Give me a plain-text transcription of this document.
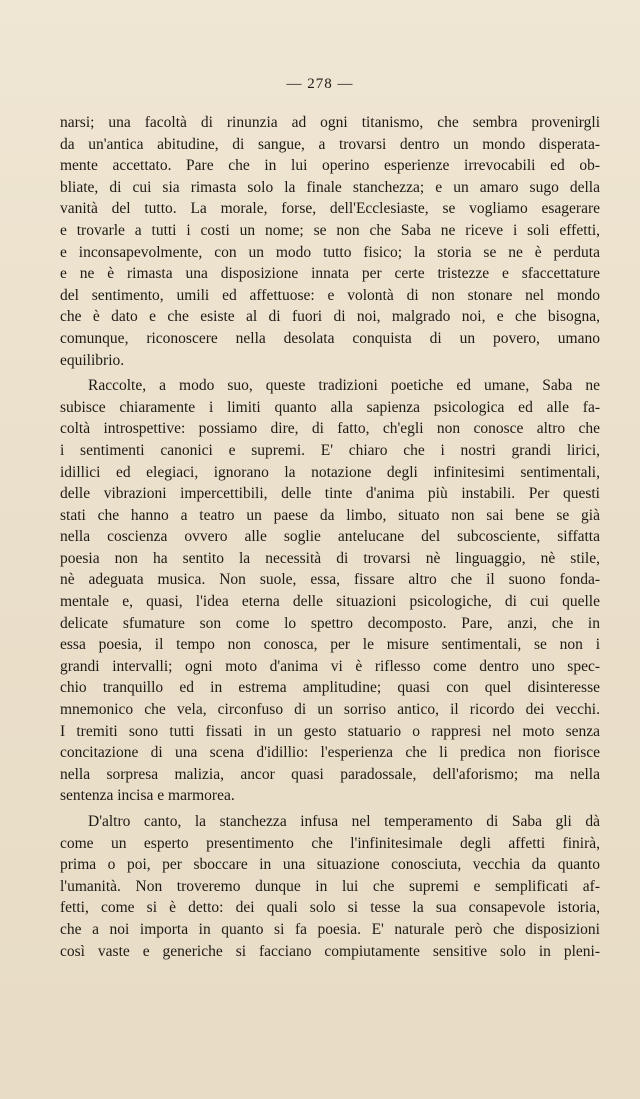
— 278 —
narsi; una facoltà di rinunzia ad ogni titanismo, che sembra provenirgli
da un'antica abitudine, di sangue, a trovarsi dentro un mondo disperata-
mente accettato. Pare che in lui operino esperienze irrevocabili ed ob-
bliate, di cui sia rimasta solo la finale stanchezza; e un amaro sugo della
vanità del tutto. La morale, forse, dell'Ecclesiaste, se vogliamo esagerare
e trovarle a tutti i costi un nome; se non che Saba ne riceve i soli effetti,
e inconsapevolmente, con un modo tutto fisico; la storia se ne è perduta
e ne è rimasta una disposizione innata per certe tristezze e sfaccettature
del sentimento, umili ed affettuose: e volontà di non stonare nel mondo
che è dato e che esiste al di fuori di noi, malgrado noi, e che bisogna,
comunque, riconoscere nella desolata conquista di un povero, umano
equilibrio.
Raccolte, a modo suo, queste tradizioni poetiche ed umane, Saba ne
subisce chiaramente i limiti quanto alla sapienza psicologica ed alle fa-
coltà introspettive: possiamo dire, di fatto, ch'egli non conosce altro che
i sentimenti canonici e supremi. E' chiaro che i nostri grandi lirici,
idillici ed elegiaci, ignorano la notazione degli infinitesimi sentimentali,
delle vibrazioni impercettibili, delle tinte d'anima più instabili. Per questi
stati che hanno a teatro un paese da limbo, situato non sai bene se già
nella coscienza ovvero alle soglie antelucane del subcosciente, siffatta
poesia non ha sentito la necessità di trovarsi nè linguaggio, nè stile,
nè adeguata musica. Non suole, essa, fissare altro che il suono fonda-
mentale e, quasi, l'idea eterna delle situazioni psicologiche, di cui quelle
delicate sfumature son come lo spettro decomposto. Pare, anzi, che in
essa poesia, il tempo non conosca, per le misure sentimentali, se non i
grandi intervalli; ogni moto d'anima vi è riflesso come dentro uno spec-
chio tranquillo ed in estrema amplitudine; quasi con quel disinteresse
mnemonico che vela, circonfuso di un sorriso antico, il ricordo dei vecchi.
I tremiti sono tutti fissati in un gesto statuario o rappresi nel moto senza
concitazione di una scena d'idillio: l'esperienza che li predica non fiorisce
nella sorpresa malizia, ancor quasi paradossale, dell'aforismo; ma nella
sentenza incisa e marmorea.
D'altro canto, la stanchezza infusa nel temperamento di Saba gli dà
come un esperto presentimento che l'infinitesimale degli affetti finirà,
prima o poi, per sboccare in una situazione conosciuta, vecchia da quanto
l'umanità. Non troveremo dunque in lui che supremi e semplificati af-
fetti, come si è detto: dei quali solo si tesse la sua consapevole istoria,
che a noi importa in quanto si fa poesia. E' naturale però che disposizioni
così vaste e generiche si facciano compiutamente sensitive solo in pleni-
